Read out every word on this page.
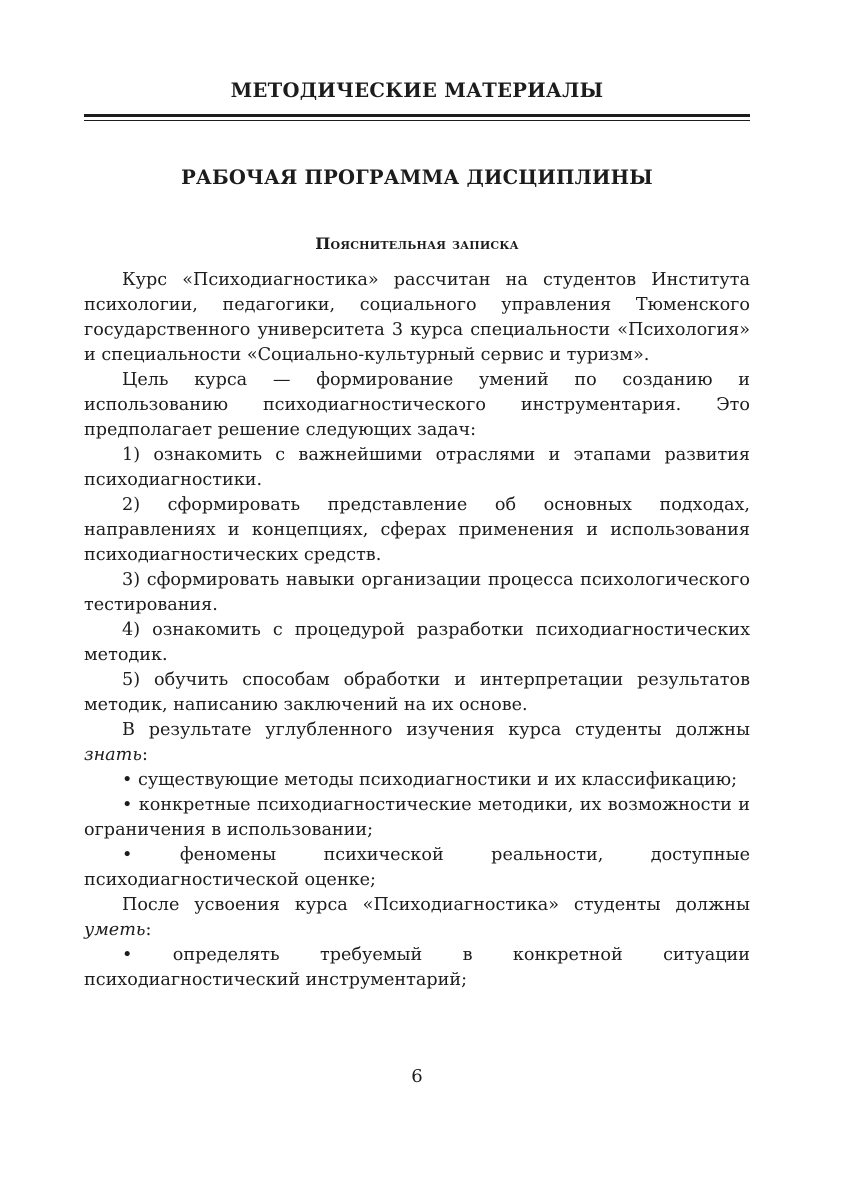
МЕТОДИЧЕСКИЕ МАТЕРИАЛЫ
РАБОЧАЯ ПРОГРАММА ДИСЦИПЛИНЫ
Пояснительная записка

Курс «Психодиагностика» рассчитан на студентов Института психологии, педагогики, социального управления Тюменского государственного университета 3 курса специальности «Психология» и специальности «Социально-культурный сервис и туризм».

Цель курса — формирование умений по созданию и использованию психодиагностического инструментария. Это предполагает решение следующих задач:

1) ознакомить с важнейшими отраслями и этапами развития психодиагностики.

2) сформировать представление об основных подходах, направлениях и концепциях, сферах применения и использования психодиагностических средств.

3) сформировать навыки организации процесса психологического тестирования.

4) ознакомить с процедурой разработки психодиагностических методик.

5) обучить способам обработки и интерпретации результатов методик, написанию заключений на их основе.

В результате углубленного изучения курса студенты должны знать:

• существующие методы психодиагностики и их классификацию;

• конкретные психодиагностические методики, их возможности и ограничения в использовании;

• феномены психической реальности, доступные психодиагностической оценке;

После усвоения курса «Психодиагностика» студенты должны уметь:

• определять требуемый в конкретной ситуации психодиагностический инструментарий;

6
